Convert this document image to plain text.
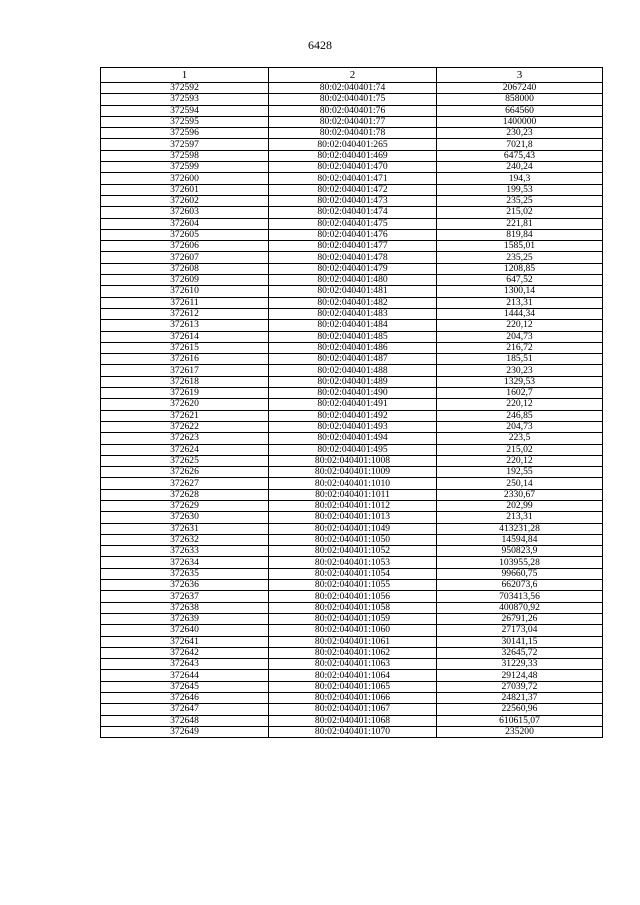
6428
1	2	3
372592	80:02:040401:74	2067240
372593	80:02:040401:75	858000
372594	80:02:040401:76	664560
372595	80:02:040401:77	1400000
372596	80:02:040401:78	230,23
372597	80:02:040401:265	7021,8
372598	80:02:040401:469	6475,43
372599	80:02:040401:470	240,24
372600	80:02:040401:471	194,3
372601	80:02:040401:472	199,53
372602	80:02:040401:473	235,25
372603	80:02:040401:474	215,02
372604	80:02:040401:475	221,81
372605	80:02:040401:476	819,84
372606	80:02:040401:477	1585,01
372607	80:02:040401:478	235,25
372608	80:02:040401:479	1208,85
372609	80:02:040401:480	647,52
372610	80:02:040401:481	1300,14
372611	80:02:040401:482	213,31
372612	80:02:040401:483	1444,34
372613	80:02:040401:484	220,12
372614	80:02:040401:485	204,73
372615	80:02:040401:486	216,72
372616	80:02:040401:487	185,51
372617	80:02:040401:488	230,23
372618	80:02:040401:489	1329,53
372619	80:02:040401:490	1602,7
372620	80:02:040401:491	220,12
372621	80:02:040401:492	246,85
372622	80:02:040401:493	204,73
372623	80:02:040401:494	223,5
372624	80:02:040401:495	215,02
372625	80:02:040401:1008	220,12
372626	80:02:040401:1009	192,55
372627	80:02:040401:1010	250,14
372628	80:02:040401:1011	2330,67
372629	80:02:040401:1012	202,99
372630	80:02:040401:1013	213,31
372631	80:02:040401:1049	413231,28
372632	80:02:040401:1050	14594,84
372633	80:02:040401:1052	950823,9
372634	80:02:040401:1053	103955,28
372635	80:02:040401:1054	99660,75
372636	80:02:040401:1055	662073,6
372637	80:02:040401:1056	703413,56
372638	80:02:040401:1058	400870,92
372639	80:02:040401:1059	26791,26
372640	80:02:040401:1060	27173,04
372641	80:02:040401:1061	30141,15
372642	80:02:040401:1062	32645,72
372643	80:02:040401:1063	31229,33
372644	80:02:040401:1064	29124,48
372645	80:02:040401:1065	27039,72
372646	80:02:040401:1066	24821,37
372647	80:02:040401:1067	22560,96
372648	80:02:040401:1068	610615,07
372649	80:02:040401:1070	235200
